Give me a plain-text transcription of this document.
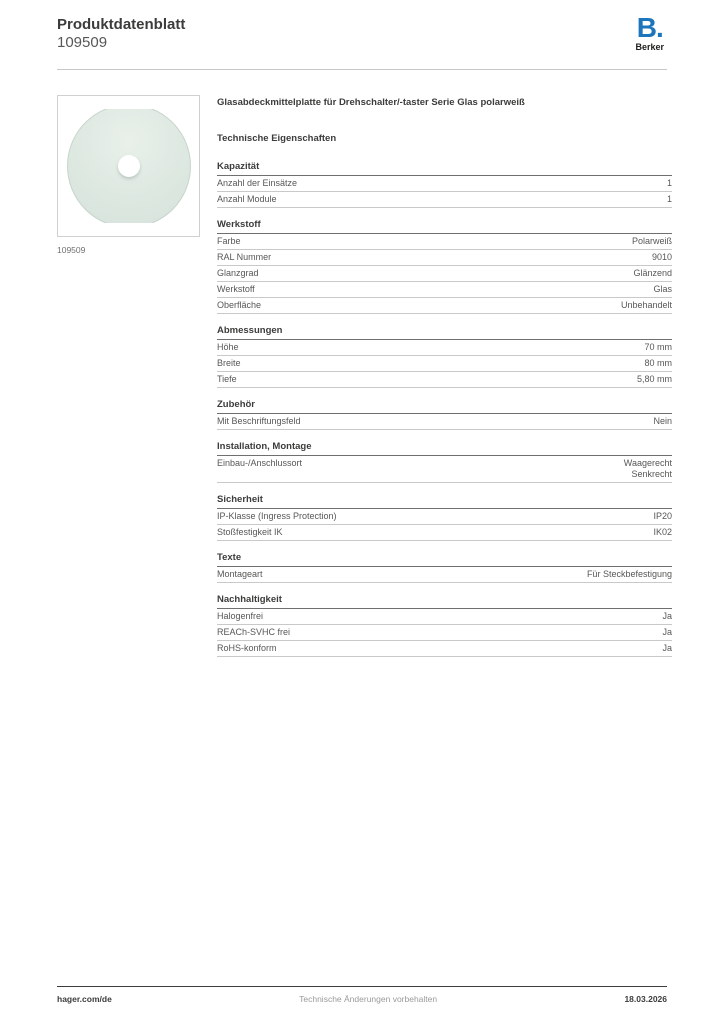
Produktdatenblatt
109509	B.
Berker
109509
Glasabdeckmittelplatte für Drehschalter/-taster Serie Glas polarweiß
Technische Eigenschaften
Kapazität
Anzahl der Einsätze	1
Anzahl Module	1
Werkstoff
Farbe	Polarweiß
RAL Nummer	9010
Glanzgrad	Glänzend
Werkstoff	Glas
Oberfläche	Unbehandelt
Abmessungen
Höhe	70 mm
Breite	80 mm
Tiefe	5,80 mm
Zubehör
Mit Beschriftungsfeld	Nein
Installation, Montage
Einbau-/Anschlussort	Waagerecht
Senkrecht
Sicherheit
IP-Klasse (Ingress Protection)	IP20
Stoßfestigkeit IK	IK02
Texte
Montageart	Für Steckbefestigung
Nachhaltigkeit
Halogenfrei	Ja
REACh-SVHC frei	Ja
RoHS-konform	Ja
hager.com/de	Technische Änderungen vorbehalten	18.03.2026
